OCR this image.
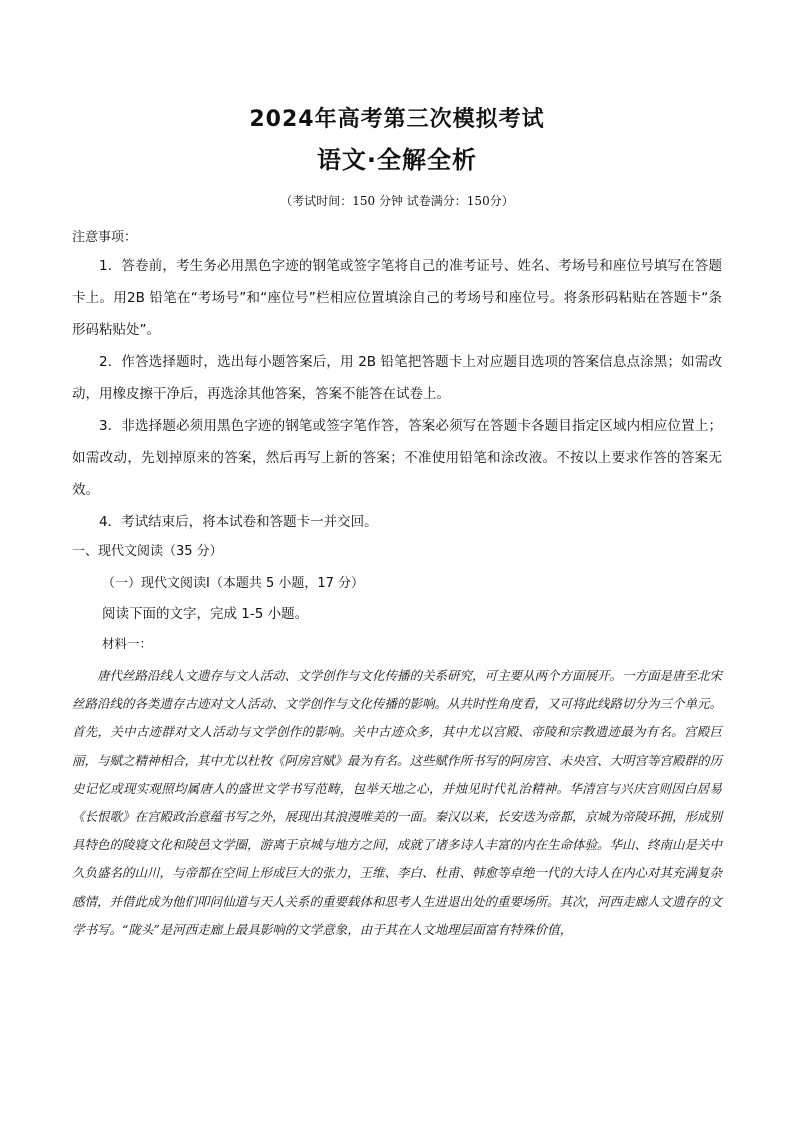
2024年高考第三次模拟考试
语文·全解全析
（考试时间：150 分钟 试卷满分：150分）
注意事项：
1．答卷前，考生务必用黑色字迹的钢笔或签字笔将自己的准考证号、姓名、考场号和座位号填写在答题卡上。用2B 铅笔在“考场号”和“座位号”栏相应位置填涂自己的考场号和座位号。将条形码粘贴在答题卡“条形码粘贴处”。
2．作答选择题时，选出每小题答案后，用 2B 铅笔把答题卡上对应题目选项的答案信息点涂黑；如需改动，用橡皮擦干净后，再选涂其他答案，答案不能答在试卷上。
3．非选择题必须用黑色字迹的钢笔或签字笔作答，答案必须写在答题卡各题目指定区域内相应位置上；如需改动，先划掉原来的答案，然后再写上新的答案；不准使用铅笔和涂改液。不按以上要求作答的答案无效。
4．考试结束后，将本试卷和答题卡一并交回。
一、现代文阅读（35 分）
（一）现代文阅读Ⅰ（本题共 5 小题，17 分）
阅读下面的文字，完成 1-5 小题。
材料一：
唐代丝路沿线人文遗存与文人活动、文学创作与文化传播的关系研究，可主要从两个方面展开。一方面是唐至北宋丝路沿线的各类遗存古迹对文人活动、文学创作与文化传播的影响。从共时性角度看，又可将此线路切分为三个单元。首先，关中古迹群对文人活动与文学创作的影响。关中古迹众多，其中尤以宫殿、帝陵和宗教遗迹最为有名。宫殿巨丽，与赋之精神相合，其中尤以杜牧《阿房宫赋》最为有名。这些赋作所书写的阿房宫、未央宫、大明宫等宫殿群的历史记忆或现实观照均属唐人的盛世文学书写范畴，包举天地之心，并烛见时代礼治精神。华清宫与兴庆宫则因白居易《长恨歌》在宫殿政治意蕴书写之外，展现出其浪漫唯美的一面。秦汉以来，长安迭为帝都，京城为帝陵环拥，形成别具特色的陵寝文化和陵邑文学圈，游离于京城与地方之间，成就了诸多诗人丰富的内在生命体验。华山、终南山是关中久负盛名的山川，与帝都在空间上形成巨大的张力，王维、李白、杜甫、韩愈等卓绝一代的大诗人在内心对其充满复杂感情，并借此成为他们叩问仙道与天人关系的重要载体和思考人生进退出处的重要场所。其次，河西走廊人文遗存的文学书写。“陇头”是河西走廊上最具影响的文学意象，由于其在人文地理层面富有特殊价值，
